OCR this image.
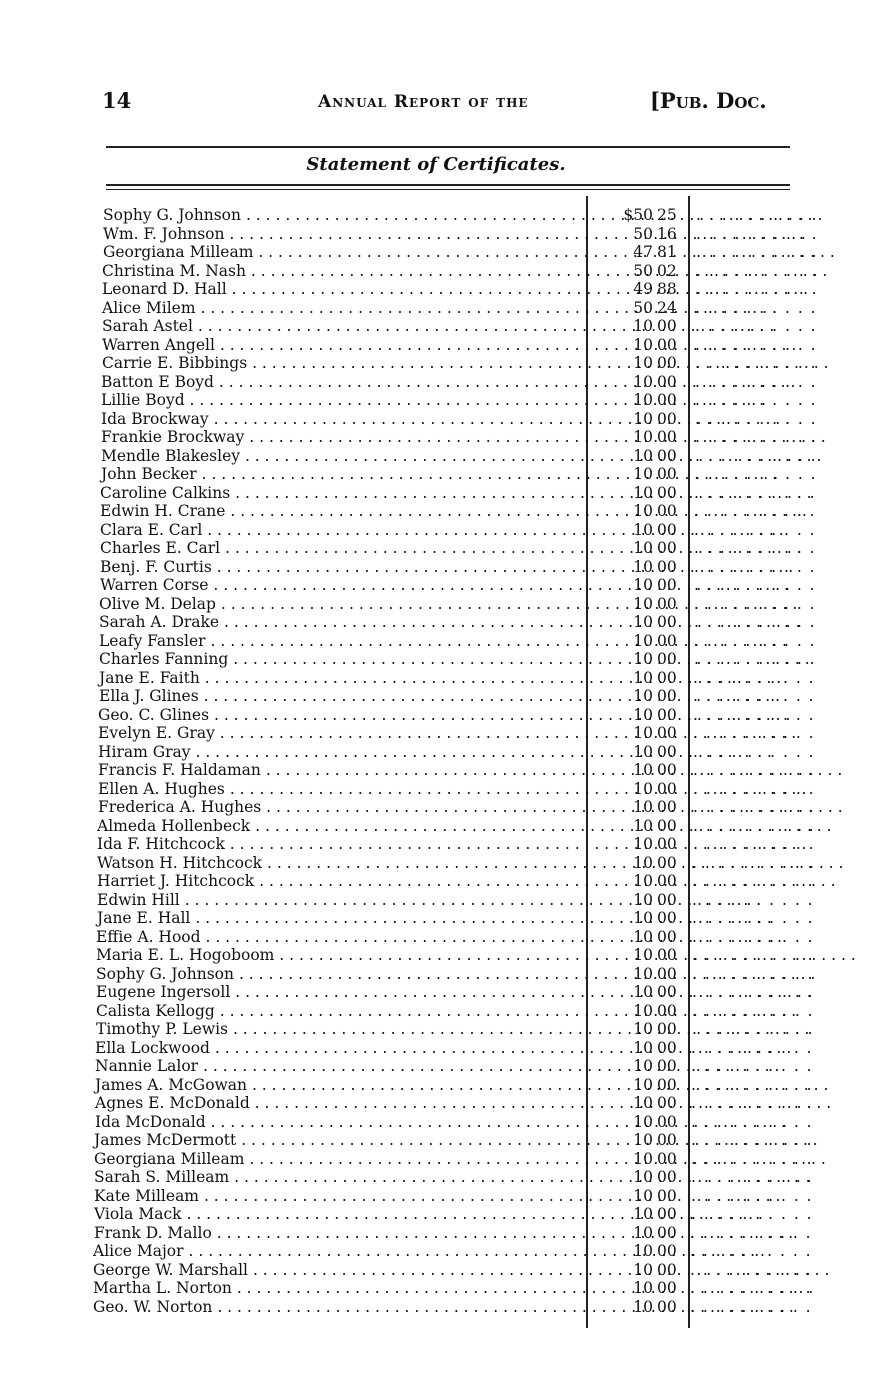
14	Annual Report of the	[Pub. Doc.
Statement of Certificates.
Sophy G. Johnson . . .	$50 25	. . . . . . . . . .
Wm. F. Johnson . . .	50 16	. . . . . . . . . .
Georgiana Milleam . . .	47 81	. . . . . . . . . .
Christina M. Nash . . .	50 02	. . . . . . . . . .
Leonard D. Hall . . .	49 88	. . . . . . . . . .
Alice Milem . . .	50 24	. . . . . . . . . .
Sarah Astel . . .	10 00	. . . . . . . . . .
Warren Angell . . .	10 00	. . . . . . . . . .
Carrie E. Bibbings . . .	10 00	. . . . . . . . . .
Batton E Boyd . . .	10 00	. . . . . . . . . .
Lillie Boyd . . .	10 00	. . . . . . . . . .
Ida Brockway . . .	10 00	. . . . . . . . . .
Frankie Brockway . . .	10 00	. . . . . . . . . .
Mendle Blakesley . . .	10 00	. . . . . . . . . .
John Becker . . .	10 00	. . . . . . . . . .
Caroline Calkins . . .	10 00	. . . . . . . . . .
Edwin H. Crane . . .	10 00	. . . . . . . . . .
Clara E. Carl . . .	10 00	. . . . . . . . . .
Charles E. Carl . . .	10 00	. . . . . . . . . .
Benj. F. Curtis . . .	10 00	. . . . . . . . . .
Warren Corse . . .	10 00	. . . . . . . . . .
Olive M. Delap . . .	10 00	. . . . . . . . . .
Sarah A. Drake . . .	10 00	. . . . . . . . . .
Leafy Fansler . . .	10 00	. . . . . . . . . .
Charles Fanning . . .	10 00	. . . . . . . . . .
Jane E. Faith . . .	10 00	. . . . . . . . . .
Ella J. Glines . . .	10 00	. . . . . . . . . .
Geo. C. Glines . . .	10 00	. . . . . . . . . .
Evelyn E. Gray . . .	10 00	. . . . . . . . . .
Hiram Gray . . .	10 00	. . . . . . . . . .
Francis F. Haldaman . . .	10 00	. . . . . . . . . .
Ellen A. Hughes . . .	10 00	. . . . . . . . . .
Frederica A. Hughes . . .	10 00	. . . . . . . . . .
Almeda Hollenbeck . . .	10 00	. . . . . . . . . .
Ida F. Hitchcock . . .	10 00	. . . . . . . . . .
Watson H. Hitchcock . . .	10 00 . . . . . . . . . .
Harriet J. Hitchcock . . .	10 00 . . . . . . . . . .
Edwin Hill . . .	10 00 . . . . . . . . . .
Jane E. Hall . . .	10 00 . . . . . . . . . .
Effie A. Hood . . .	10 00 . . . . . . . . . .
Maria E. L. Hogoboom . . .	10 00 . . . . . . . . . .
Sophy G. Johnson . . .	10 00 . . . . . . . . . .
Eugene Ingersoll . . .	10 00 . . . . . . . . . .
Calista Kellogg . . .	10 00 . . . . . . . . . .
Timothy P. Lewis . . .	10 00 . . . . . . . . . .
Ella Lockwood . . .	10 00 . . . . . . . . . .
Nannie Lalor . . .	10 00 . . . . . . . . . .
James A. McGowan . . .	10 00 . . . . . . . . . .
Agnes E. McDonald . . .	10 00 . . . . . . . . . .
Ida McDonald . . .	10 00 . . . . . . . . . .
James McDermott . . .	10 00 . . . . . . . . . .
Georgiana Milleam . . .	10 00 . . . . . . . . . .
Sarah S. Milleam . . .	10 00 . . . . . . . . . .
Kate Milleam . . .	10 00 . . . . . . . . . .
Viola Mack . . .	10 00 . . . . . . . . . .
Frank D. Mallo . . .	10 00 . . . . . . . . . .
Alice Major . . .	10 00 . . . . . . . . . .
George W. Marshall . . .	10 00 . . . . . . . . . .
Martha L. Norton . . .	10 00 . . . . . . . . . .
Geo. W. Norton . . .	10 00 . . . . . . . . . .
